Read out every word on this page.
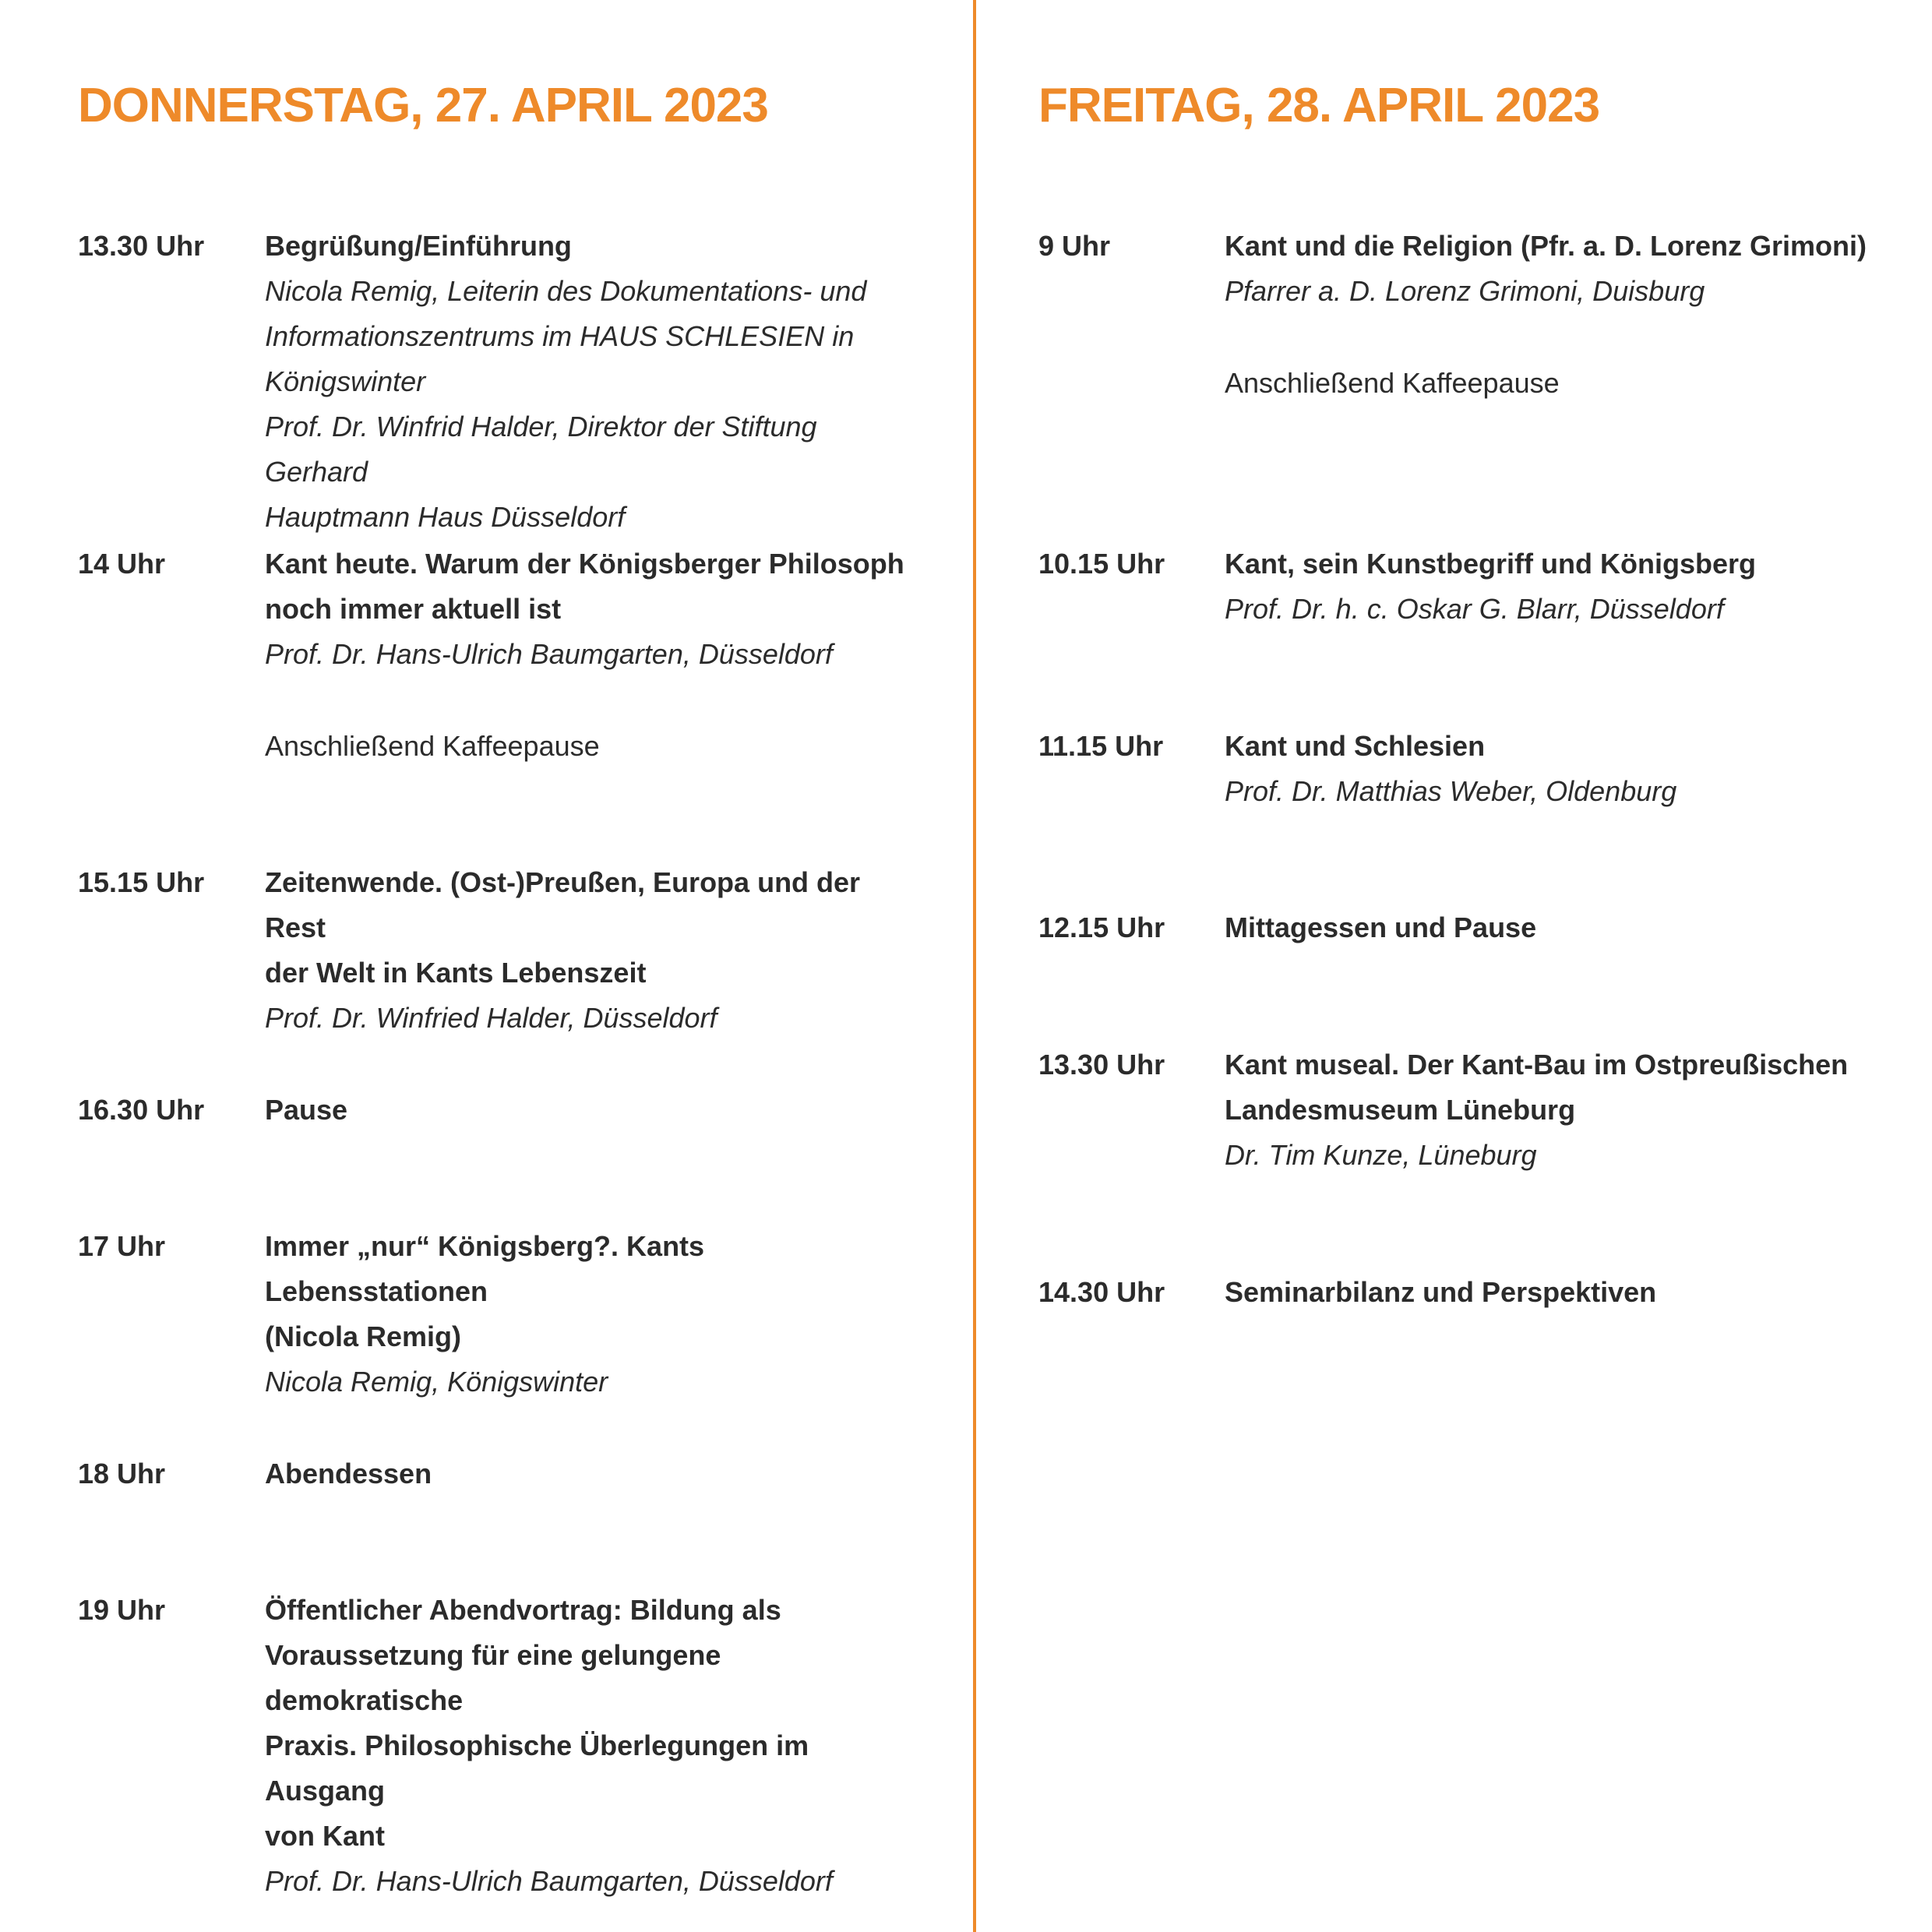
DONNERSTAG, 27. APRIL 2023
13.30 Uhr Begrüßung/Einführung
Nicola Remig, Leiterin des Dokumentations- und
Informationszentrums im HAUS SCHLESIEN in
Königswinter
Prof. Dr. Winfrid Halder, Direktor der Stiftung Gerhard
Hauptmann Haus Düsseldorf
14 Uhr	Kant heute. Warum der Königsberger Philosoph
noch immer aktuell ist
Prof. Dr. Hans-Ulrich Baumgarten, Düsseldorf
Anschließend Kaffeepause
15.15 Uhr Zeitenwende. (Ost-)Preußen, Europa und der Rest
der Welt in Kants Lebenszeit
Prof. Dr. Winfried Halder, Düsseldorf
16.30 Uhr Pause
17 Uhr	Immer „nur“ Königsberg?. Kants Lebensstationen
(Nicola Remig)
Nicola Remig, Königswinter
18 Uhr	Abendessen
19 Uhr	Öffentlicher Abendvortrag: Bildung als
Voraussetzung für eine gelungene demokratische
Praxis. Philosophische Überlegungen im Ausgang
von Kant
Prof. Dr. Hans-Ulrich Baumgarten, Düsseldorf
FREITAG, 28. APRIL 2023
9 Uhr	Kant und die Religion (Pfr. a. D. Lorenz Grimoni)
Pfarrer a. D. Lorenz Grimoni, Duisburg
Anschließend Kaffeepause
10.15 Uhr Kant, sein Kunstbegriff und Königsberg
Prof. Dr. h. c. Oskar G. Blarr, Düsseldorf
11.15 Uhr Kant und Schlesien
Prof. Dr. Matthias Weber, Oldenburg
12.15 Uhr Mittagessen und Pause
13.30 Uhr Kant museal. Der Kant-Bau im Ostpreußischen
Landesmuseum Lüneburg
Dr. Tim Kunze, Lüneburg
14.30 Uhr Seminarbilanz und Perspektiven
